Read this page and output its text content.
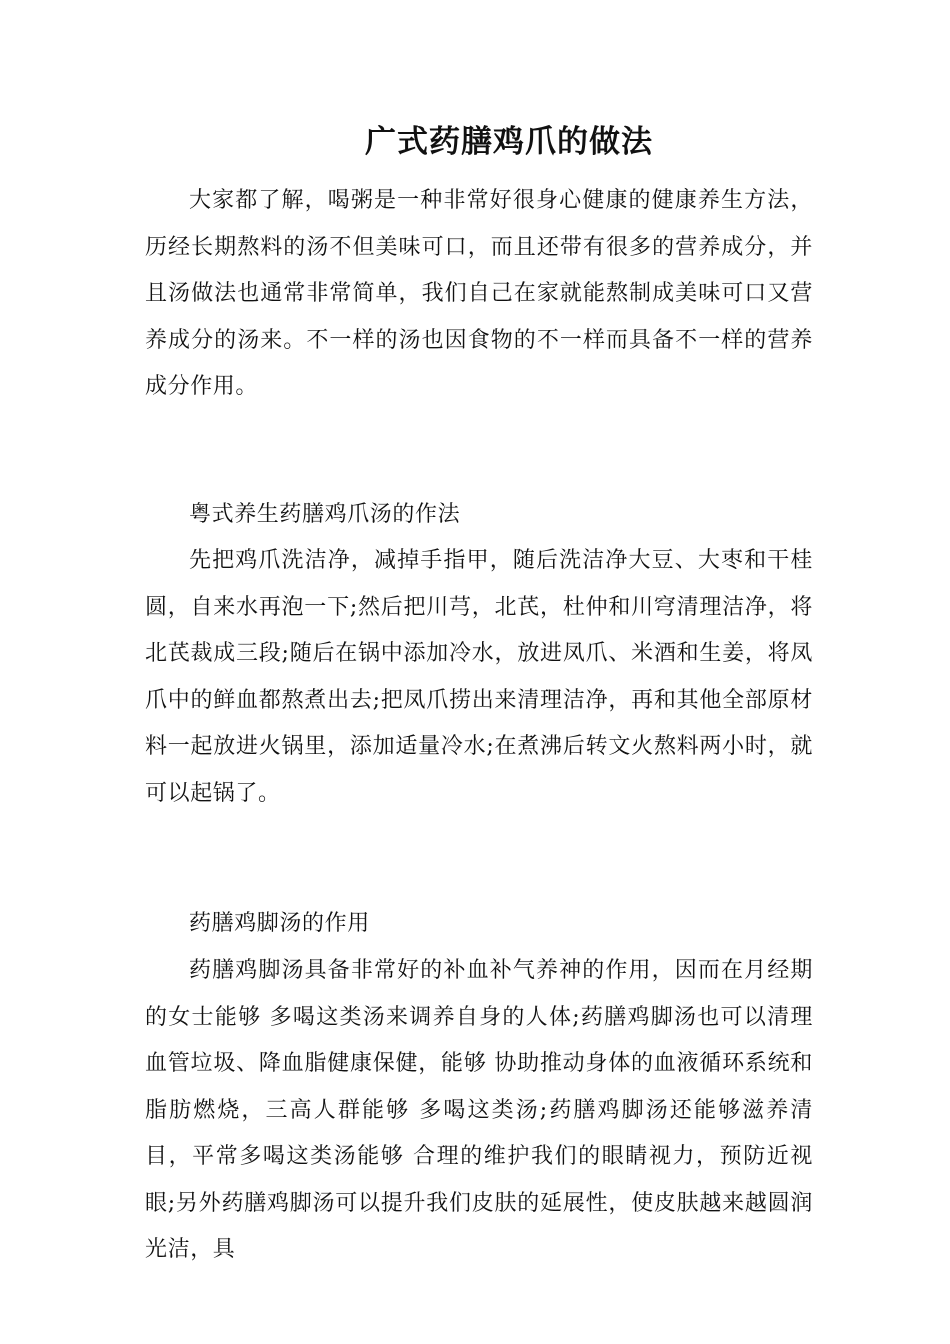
广式药膳鸡爪的做法

大家都了解，喝粥是一种非常好很身心健康的健康养生方法，历经长期熬料的汤不但美味可口，而且还带有很多的营养成分，并且汤做法也通常非常简单，我们自己在家就能熬制成美味可口又营养成分的汤来。不一样的汤也因食物的不一样而具备不一样的营养成分作用。

粤式养生药膳鸡爪汤的作法

先把鸡爪洗洁净，减掉手指甲，随后洗洁净大豆、大枣和干桂圆，自来水再泡一下;然后把川芎，北芪，杜仲和川穹清理洁净，将北芪裁成三段;随后在锅中添加冷水，放进凤爪、米酒和生姜，将凤爪中的鲜血都熬煮出去;把凤爪捞出来清理洁净，再和其他全部原材料一起放进火锅里，添加适量冷水;在煮沸后转文火熬料两小时，就可以起锅了。

药膳鸡脚汤的作用

药膳鸡脚汤具备非常好的补血补气养神的作用，因而在月经期的女士能够 多喝这类汤来调养自身的人体;药膳鸡脚汤也可以清理血管垃圾、降血脂健康保健，能够 协助推动身体的血液循环系统和脂肪燃烧，三高人群能够 多喝这类汤;药膳鸡脚汤还能够滋养清目，平常多喝这类汤能够 合理的维护我们的眼睛视力，预防近视眼;另外药膳鸡脚汤可以提升我们皮肤的延展性，使皮肤越来越圆润光洁，具
